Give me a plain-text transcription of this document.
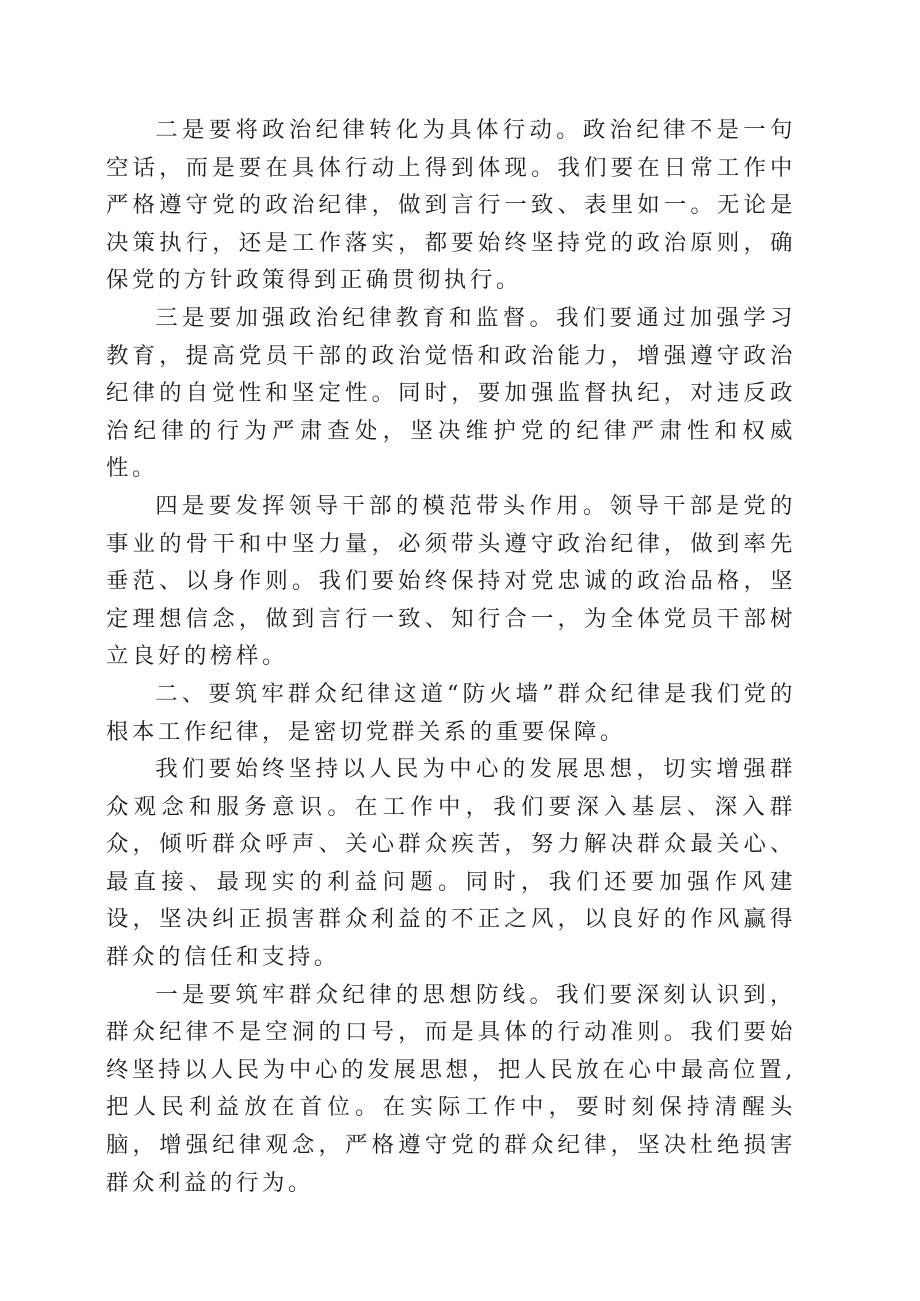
二是要将政治纪律转化为具体行动。政治纪律不是一句空话，而是要在具体行动上得到体现。我们要在日常工作中严格遵守党的政治纪律，做到言行一致、表里如一。无论是决策执行，还是工作落实，都要始终坚持党的政治原则，确保党的方针政策得到正确贯彻执行。

三是要加强政治纪律教育和监督。我们要通过加强学习教育，提高党员干部的政治觉悟和政治能力，增强遵守政治纪律的自觉性和坚定性。同时，要加强监督执纪，对违反政治纪律的行为严肃查处，坚决维护党的纪律严肃性和权威性。

四是要发挥领导干部的模范带头作用。领导干部是党的事业的骨干和中坚力量，必须带头遵守政治纪律，做到率先垂范、以身作则。我们要始终保持对党忠诚的政治品格，坚定理想信念，做到言行一致、知行合一，为全体党员干部树立良好的榜样。

二、要筑牢群众纪律这道“防火墙”群众纪律是我们党的根本工作纪律，是密切党群关系的重要保障。

我们要始终坚持以人民为中心的发展思想，切实增强群众观念和服务意识。在工作中，我们要深入基层、深入群众，倾听群众呼声、关心群众疾苦，努力解决群众最关心、最直接、最现实的利益问题。同时，我们还要加强作风建设，坚决纠正损害群众利益的不正之风，以良好的作风赢得群众的信任和支持。

一是要筑牢群众纪律的思想防线。我们要深刻认识到，群众纪律不是空洞的口号，而是具体的行动准则。我们要始终坚持以人民为中心的发展思想，把人民放在心中最高位置,把人民利益放在首位。在实际工作中，要时刻保持清醒头脑，增强纪律观念，严格遵守党的群众纪律，坚决杜绝损害群众利益的行为。
